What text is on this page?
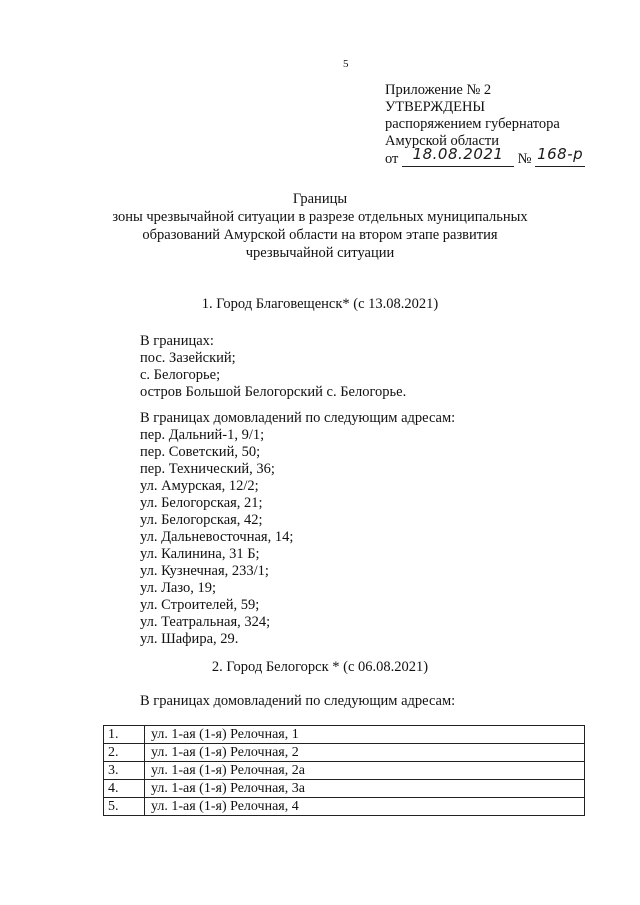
5
Приложение № 2
УТВЕРЖДЕНЫ
распоряжением губернатора
Амурской области
от 18.08.2021 № 168-р
Границы
зоны чрезвычайной ситуации в разрезе отдельных муниципальных
образований Амурской области на втором этапе развития
чрезвычайной ситуации
1. Город Благовещенск* (с 13.08.2021)
В границах:
пос. Зазейский;
с. Белогорье;
остров Большой Белогорский с. Белогорье.
В границах домовладений по следующим адресам:
пер. Дальний-1, 9/1;
пер. Советский, 50;
пер. Технический, 36;
ул. Амурская, 12/2;
ул. Белогорская, 21;
ул. Белогорская, 42;
ул. Дальневосточная, 14;
ул. Калинина, 31 Б;
ул. Кузнечная, 233/1;
ул. Лазо, 19;
ул. Строителей, 59;
ул. Театральная, 324;
ул. Шафира, 29.
2. Город Белогорск * (с 06.08.2021)
В границах домовладений по следующим адресам:
1.	ул. 1-ая (1-я) Релочная, 1
2.	ул. 1-ая (1-я) Релочная, 2
3.	ул. 1-ая (1-я) Релочная, 2а
4.	ул. 1-ая (1-я) Релочная, 3а
5.	ул. 1-ая (1-я) Релочная, 4
